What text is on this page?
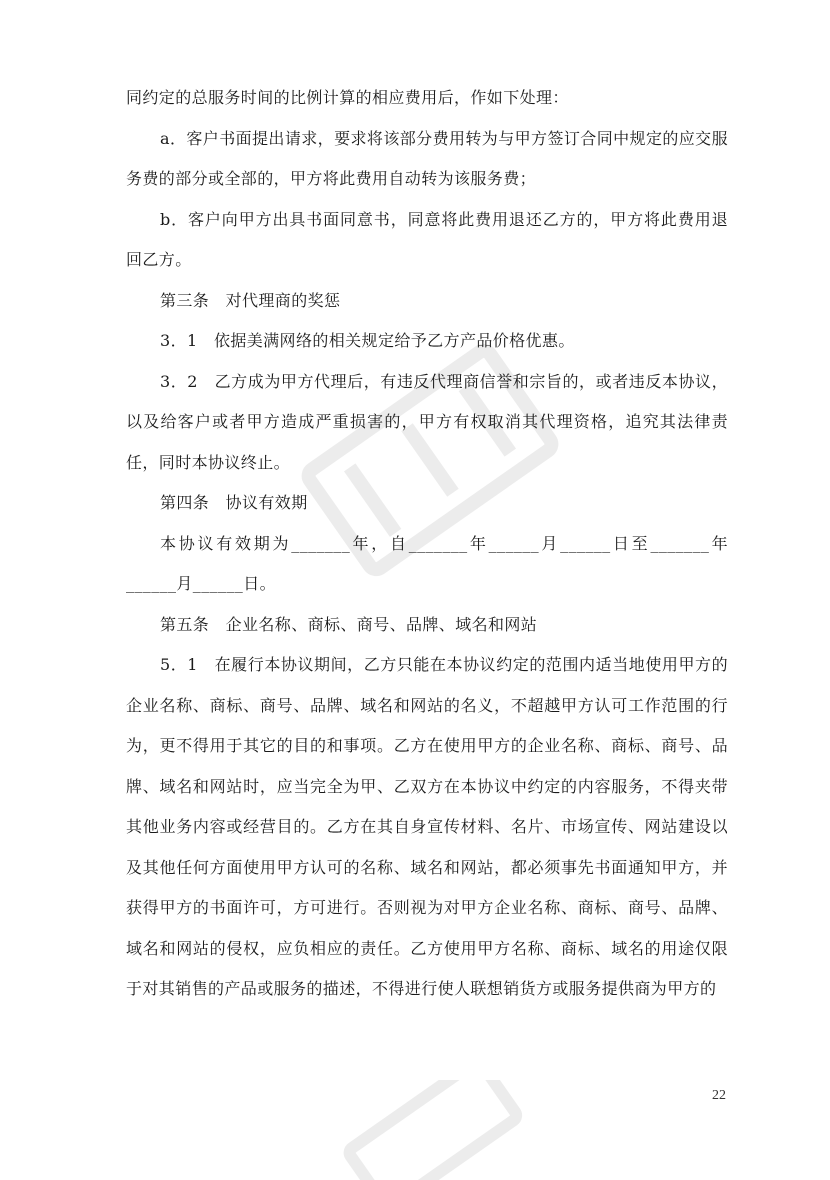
同约定的总服务时间的比例计算的相应费用后，作如下处理：

a．客户书面提出请求，要求将该部分费用转为与甲方签订合同中规定的应交服务费的部分或全部的，甲方将此费用自动转为该服务费；

b．客户向甲方出具书面同意书，同意将此费用退还乙方的，甲方将此费用退回乙方。

第三条　对代理商的奖惩

3．1　依据美满网络的相关规定给予乙方产品价格优惠。

3．2　乙方成为甲方代理后，有违反代理商信誉和宗旨的，或者违反本协议，以及给客户或者甲方造成严重损害的，甲方有权取消其代理资格，追究其法律责任，同时本协议终止。

第四条　协议有效期

本协议有效期为_______年，自_______年______月______日至_______年______月______日。

第五条　企业名称、商标、商号、品牌、域名和网站

5．1　在履行本协议期间，乙方只能在本协议约定的范围内适当地使用甲方的企业名称、商标、商号、品牌、域名和网站的名义，不超越甲方认可工作范围的行为，更不得用于其它的目的和事项。乙方在使用甲方的企业名称、商标、商号、品牌、域名和网站时，应当完全为甲、乙双方在本协议中约定的内容服务，不得夹带其他业务内容或经营目的。乙方在其自身宣传材料、名片、市场宣传、网站建设以及其他任何方面使用甲方认可的名称、域名和网站，都必须事先书面通知甲方，并获得甲方的书面许可，方可进行。否则视为对甲方企业名称、商标、商号、品牌、域名和网站的侵权，应负相应的责任。乙方使用甲方名称、商标、域名的用途仅限于对其销售的产品或服务的描述，不得进行使人联想销货方或服务提供商为甲方的

22
